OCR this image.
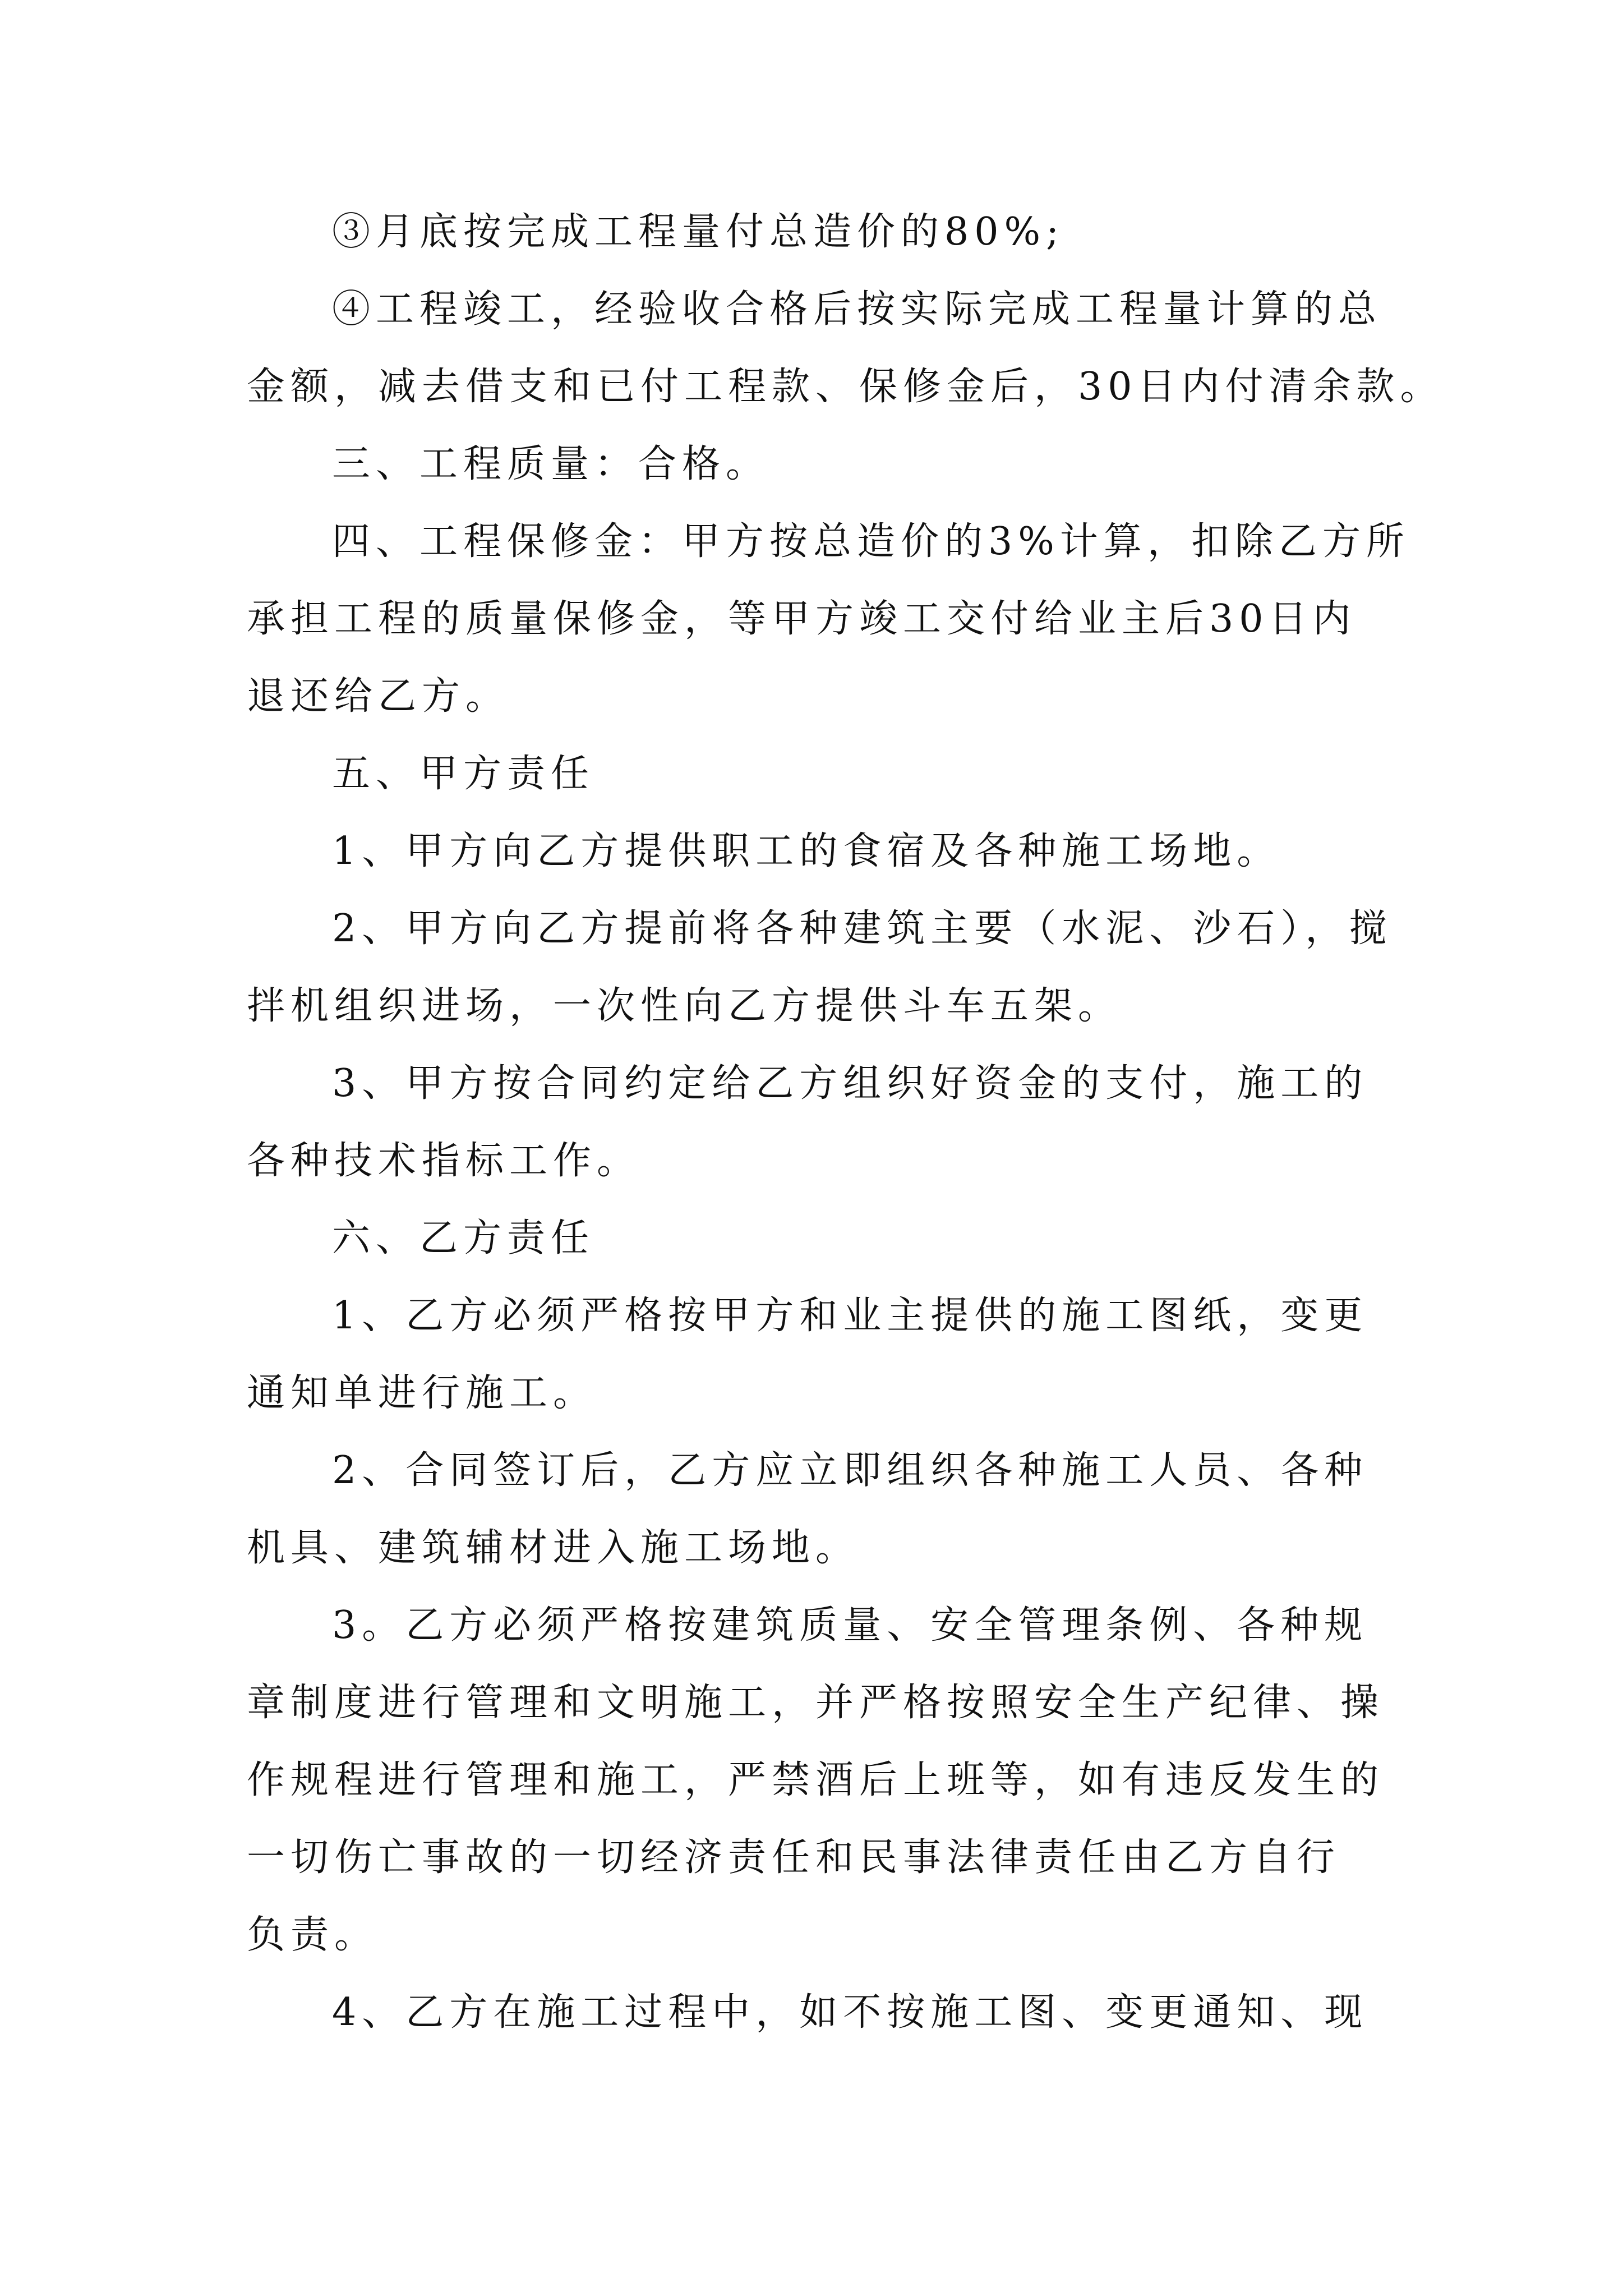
③月底按完成工程量付总造价的80%;

④工程竣工，经验收合格后按实际完成工程量计算的总

金额，减去借支和已付工程款、保修金后，30日内付清余款。

三、工程质量：合格。

四、工程保修金：甲方按总造价的3%计算，扣除乙方所

承担工程的质量保修金，等甲方竣工交付给业主后30日内

退还给乙方。

五、甲方责任

1、甲方向乙方提供职工的食宿及各种施工场地。

2、甲方向乙方提前将各种建筑主要（水泥、沙石），搅

拌机组织进场，一次性向乙方提供斗车五架。

3、甲方按合同约定给乙方组织好资金的支付，施工的

各种技术指标工作。

六、乙方责任

1、乙方必须严格按甲方和业主提供的施工图纸，变更

通知单进行施工。

2、合同签订后，乙方应立即组织各种施工人员、各种

机具、建筑辅材进入施工场地。

3。乙方必须严格按建筑质量、安全管理条例、各种规

章制度进行管理和文明施工，并严格按照安全生产纪律、操

作规程进行管理和施工，严禁酒后上班等，如有违反发生的

一切伤亡事故的一切经济责任和民事法律责任由乙方自行

负责。

4、乙方在施工过程中，如不按施工图、变更通知、现
